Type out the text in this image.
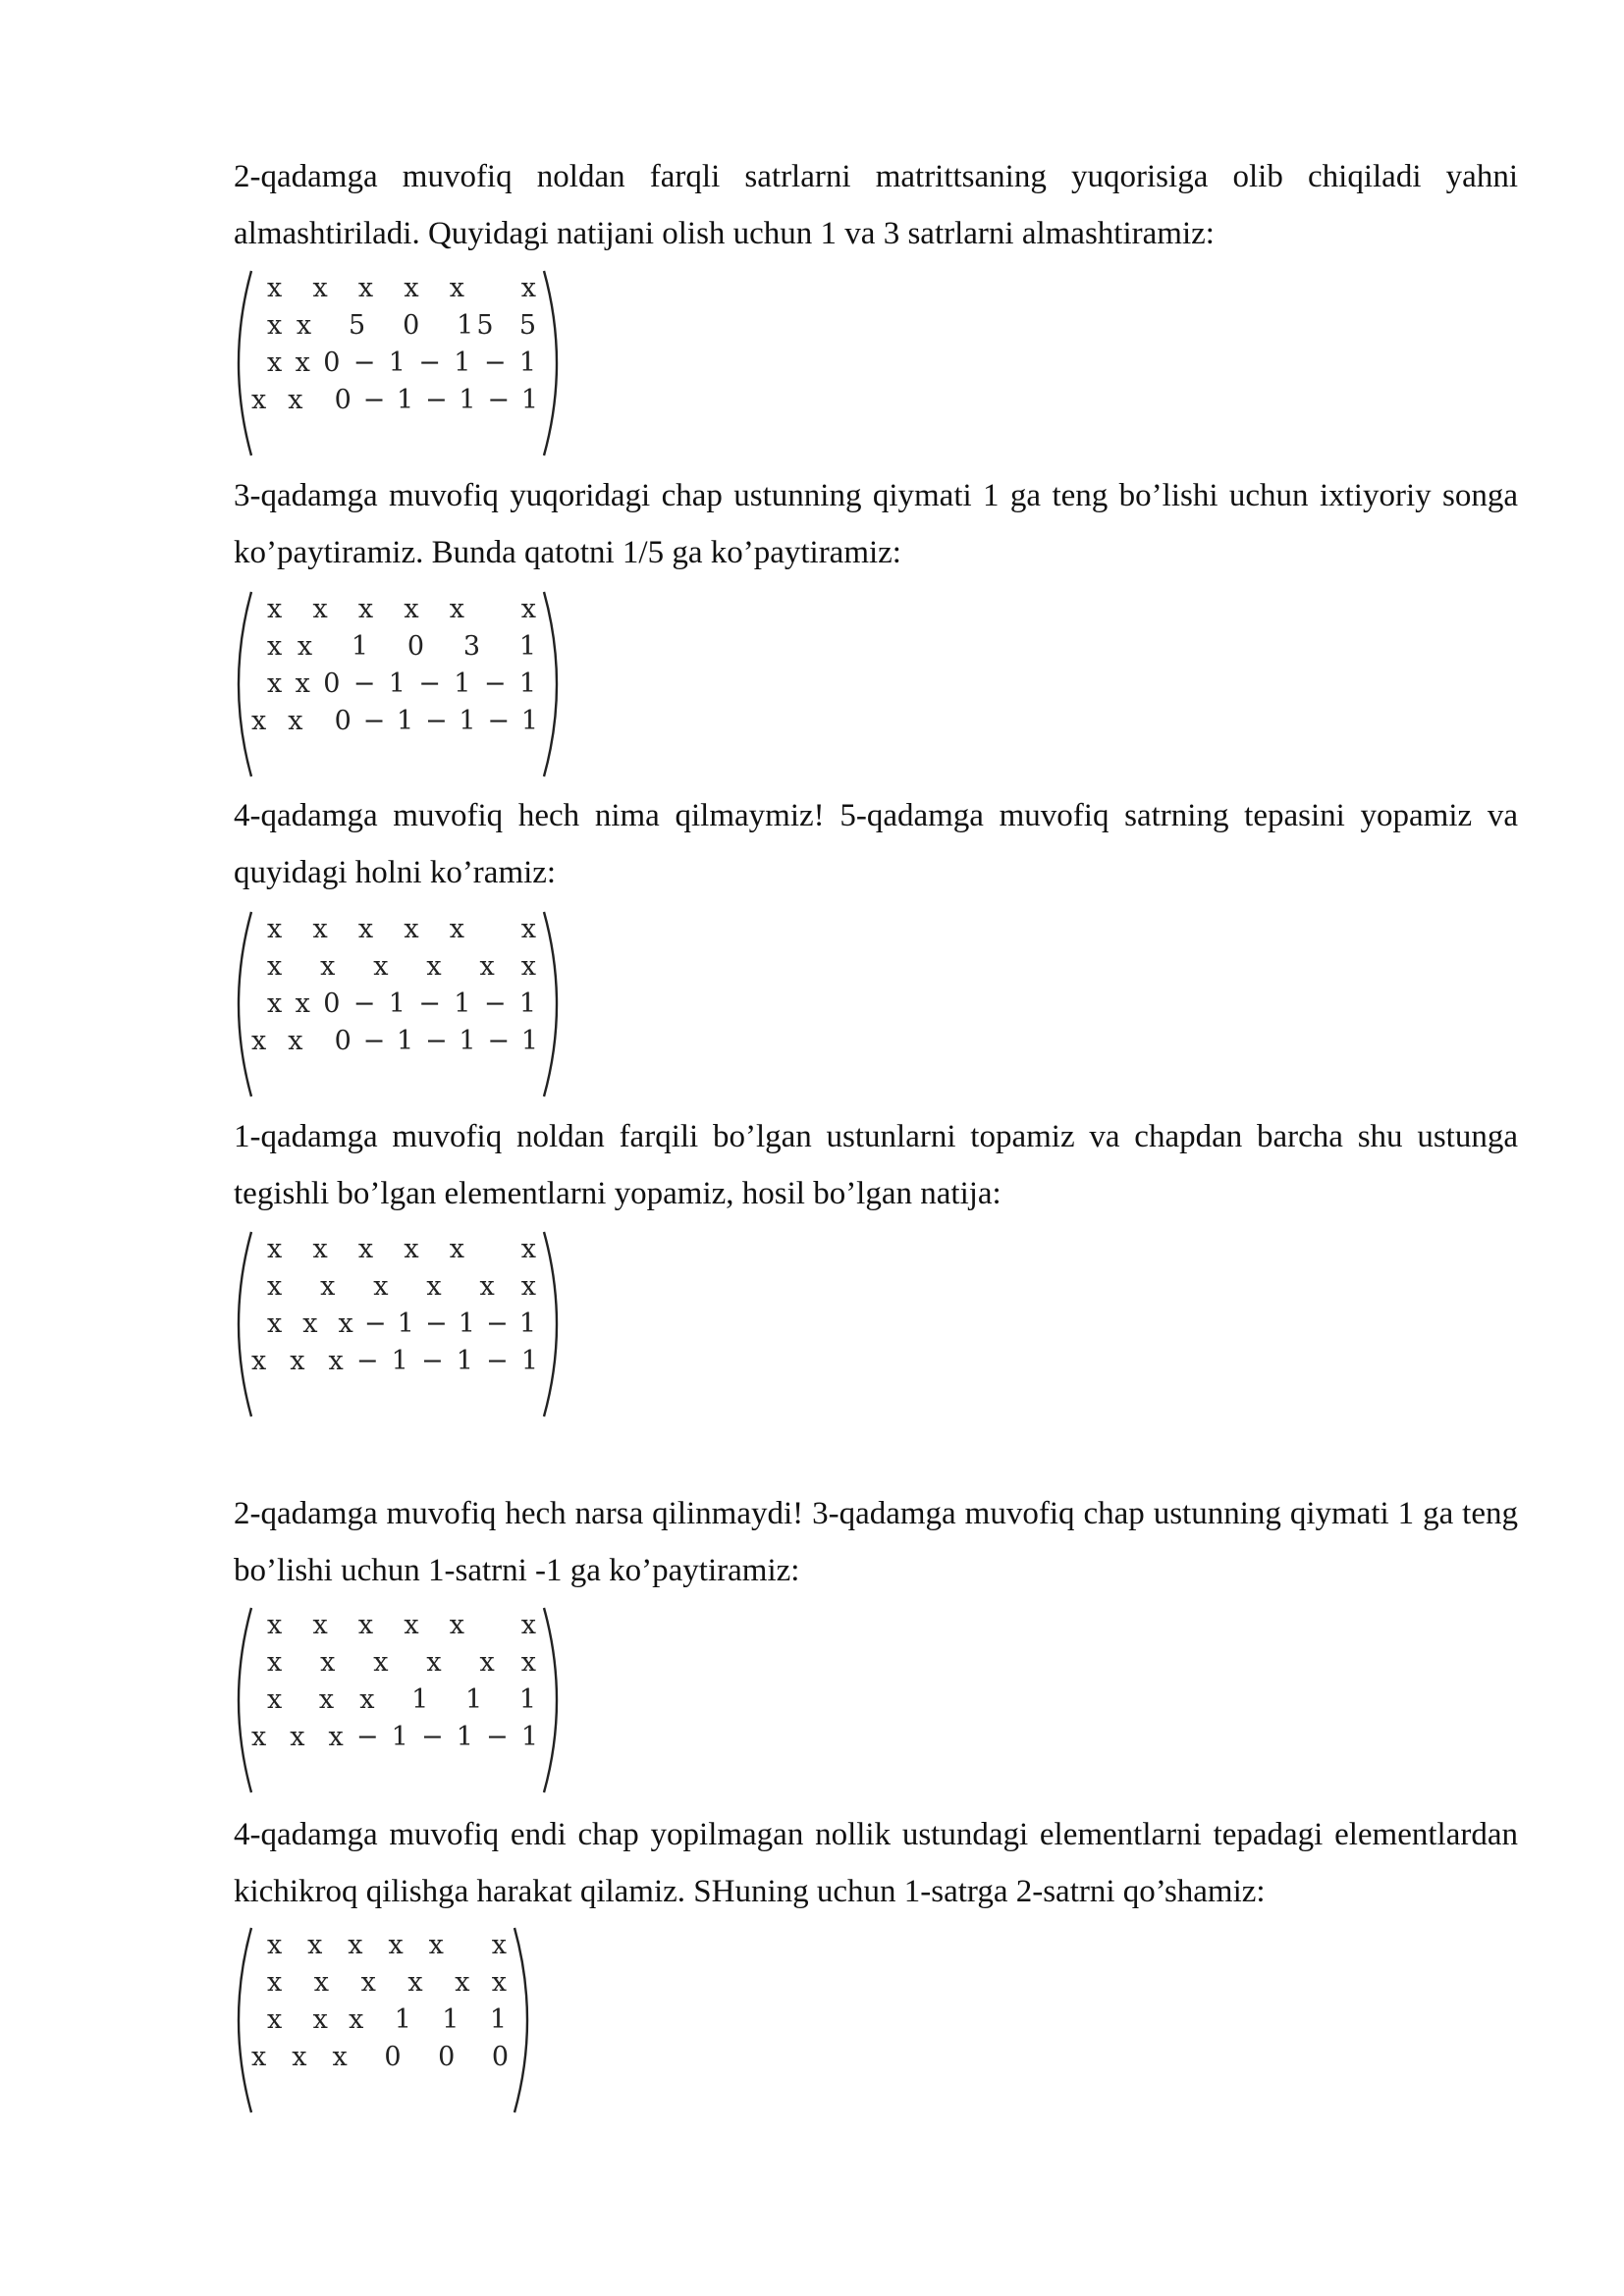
2-qadamga muvofiq noldan farqli satrlarni matrittsaning yuqorisiga olib chiqiladi yahni almashtiriladi. Quyidagi natijani olish uchun 1 va 3 satrlarni almashtiramiz:

x  x  x  x  x    x
x x   5   0   15  5
x x 0 − 1 − 1 − 1
x  x   0 − 1 − 1 − 1

3-qadamga muvofiq yuqoridagi chap ustunning qiymati 1 ga teng bo’lishi uchun ixtiyoriy songa ko’paytiramiz. Bunda qatotni 1/5 ga ko’paytiramiz:

x  x  x  x  x    x
x x   1   0   3   1
x x 0 − 1 − 1 − 1
x  x   0 − 1 − 1 − 1

4-qadamga muvofiq hech nima qilmaymiz! 5-qadamga muvofiq satrning tepasini yopamiz va quyidagi holni ko’ramiz:

x  x  x  x  x    x
x   x   x   x   x  x
x x 0 − 1 − 1 − 1
x  x   0 − 1 − 1 − 1

1-qadamga muvofiq noldan farqili bo’lgan ustunlarni topamiz va chapdan barcha shu ustunga tegishli bo’lgan elementlarni yopamiz, hosil bo’lgan natija:

x  x  x  x  x    x
x   x   x   x   x  x
x  x  x − 1 − 1 − 1
x  x  x − 1 − 1 − 1

2-qadamga muvofiq hech narsa qilinmaydi! 3-qadamga muvofiq chap ustunning qiymati 1 ga teng bo’lishi uchun 1-satrni -1 ga ko’paytiramiz:

x  x  x  x  x    x
x   x   x   x   x  x
x   x  x   1   1   1
x  x  x − 1 − 1 − 1

4-qadamga muvofiq endi chap yopilmagan nollik ustundagi elementlarni tepadagi elementlardan kichikroq qilishga harakat qilamiz. SHuning uchun 1-satrga 2-satrni qo’shamiz:

x  x  x  x  x    x
x   x   x   x   x  x
x   x  x   1   1   1
x  x  x   0   0   0
